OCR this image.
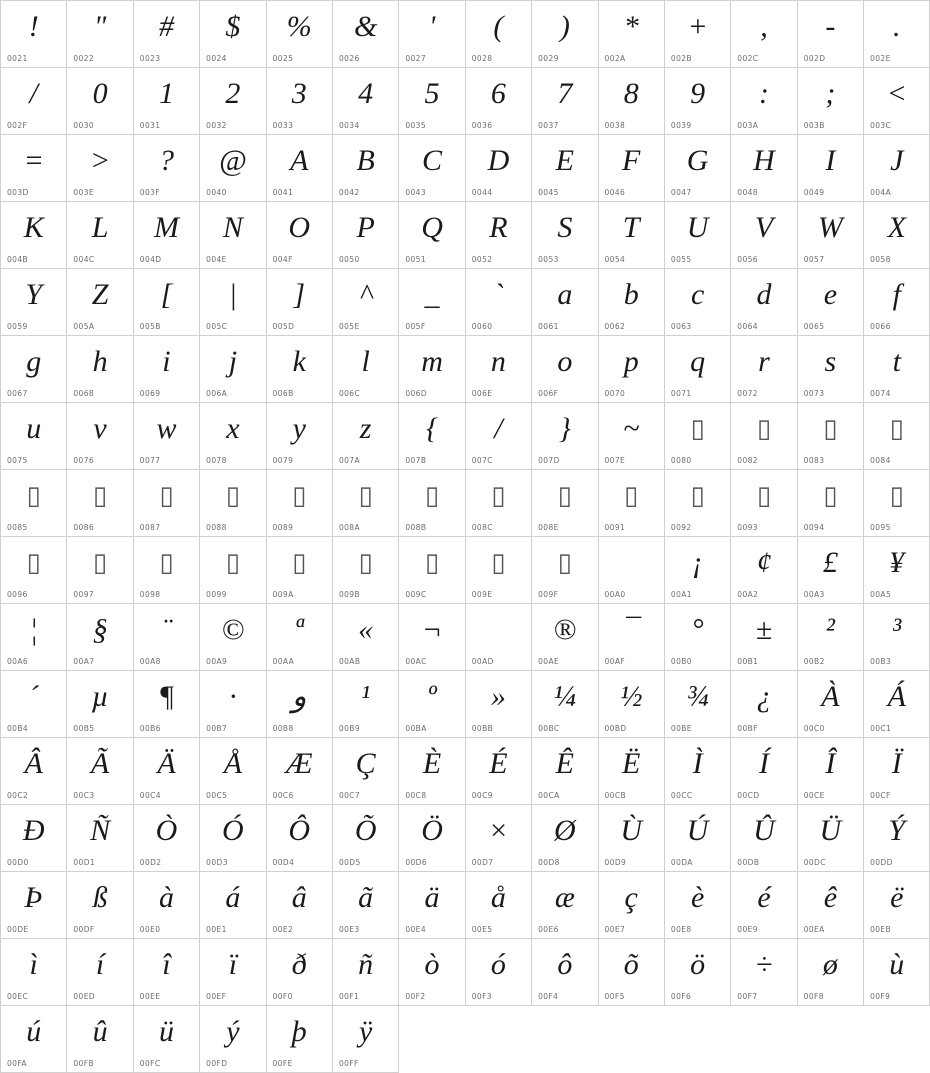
!
0021
"
0022
#
0023
$
0024
%
0025
&
0026
'
0027
(
0028
)
0029
*
002A
+
002B
,
002C
-
002D
.
002E
/
002F
0
0030
1
0031
2
0032
3
0033
4
0034
5
0035
6
0036
7
0037
8
0038
9
0039
:
003A
;
003B
<
003C
=
003D
>
003E
?
003F
@
0040
A
0041
B
0042
C
0043
D
0044
E
0045
F
0046
G
0047
H
0048
I
0049
J
004A
K
004B
L
004C
M
004D
N
004E
O
004F
P
0050
Q
0051
R
0052
S
0053
T
0054
U
0055
V
0056
W
0057
X
0058
Y
0059
Z
005A
[
005B
|
005C
]
005D
^
005E
_
005F
`
0060
a
0061
b
0062
c
0063
d
0064
e
0065
f
0066
g
0067
h
0068
i
0069
j
006A
k
006B
l
006C
m
006D
n
006E
o
006F
p
0070
q
0071
r
0072
s
0073
t
0074
u
0075
v
0076
w
0077
x
0078
y
0079
z
007A
{
007B
/
007C
}
007D
~
007E
▯
0080
▯
0082
▯
0083
▯
0084
▯
0085
▯
0086
▯
0087
▯
0088
▯
0089
▯
008A
▯
008B
▯
008C
▯
008E
▯
0091
▯
0092
▯
0093
▯
0094
▯
0095
▯
0096
▯
0097
▯
0098
▯
0099
▯
009A
▯
009B
▯
009C
▯
009E
▯
009F	00A0
¡
00A1
¢
00A2
£
00A3
¥
00A5
¦
00A6
§
00A7
¨
00A8
©
00A9
ª
00AA
«
00AB
¬
00AC	00AD
®
00AE
¯
00AF
°
00B0
±
00B1
²
00B2
³
00B3
´
00B4
µ
00B5
¶
00B6
·
00B7
و
00B8
¹
00B9
º
00BA
»
00BB
¼
00BC
½
00BD
¾
00BE
¿
00BF
À
00C0
Á
00C1
Â
00C2
Ã
00C3
Ä
00C4
Å
00C5
Æ
00C6
Ç
00C7
È
00C8
É
00C9
Ê
00CA
Ë
00CB
Ì
00CC
Í
00CD
Î
00CE
Ï
00CF
Ð
00D0
Ñ
00D1
Ò
00D2
Ó
00D3
Ô
00D4
Õ
00D5
Ö
00D6
×
00D7
Ø
00D8
Ù
00D9
Ú
00DA
Û
00DB
Ü
00DC
Ý
00DD
Þ
00DE
ß
00DF
à
00E0
á
00E1
â
00E2
ã
00E3
ä
00E4
å
00E5
æ
00E6
ç
00E7
è
00E8
é
00E9
ê
00EA
ë
00EB
ì
00EC
í
00ED
î
00EE
ï
00EF
ð
00F0
ñ
00F1
ò
00F2
ó
00F3
ô
00F4
õ
00F5
ö
00F6
÷
00F7
ø
00F8
ù
00F9
ú
00FA
û
00FB
ü
00FC
ý
00FD
þ
00FE
ÿ
00FF
